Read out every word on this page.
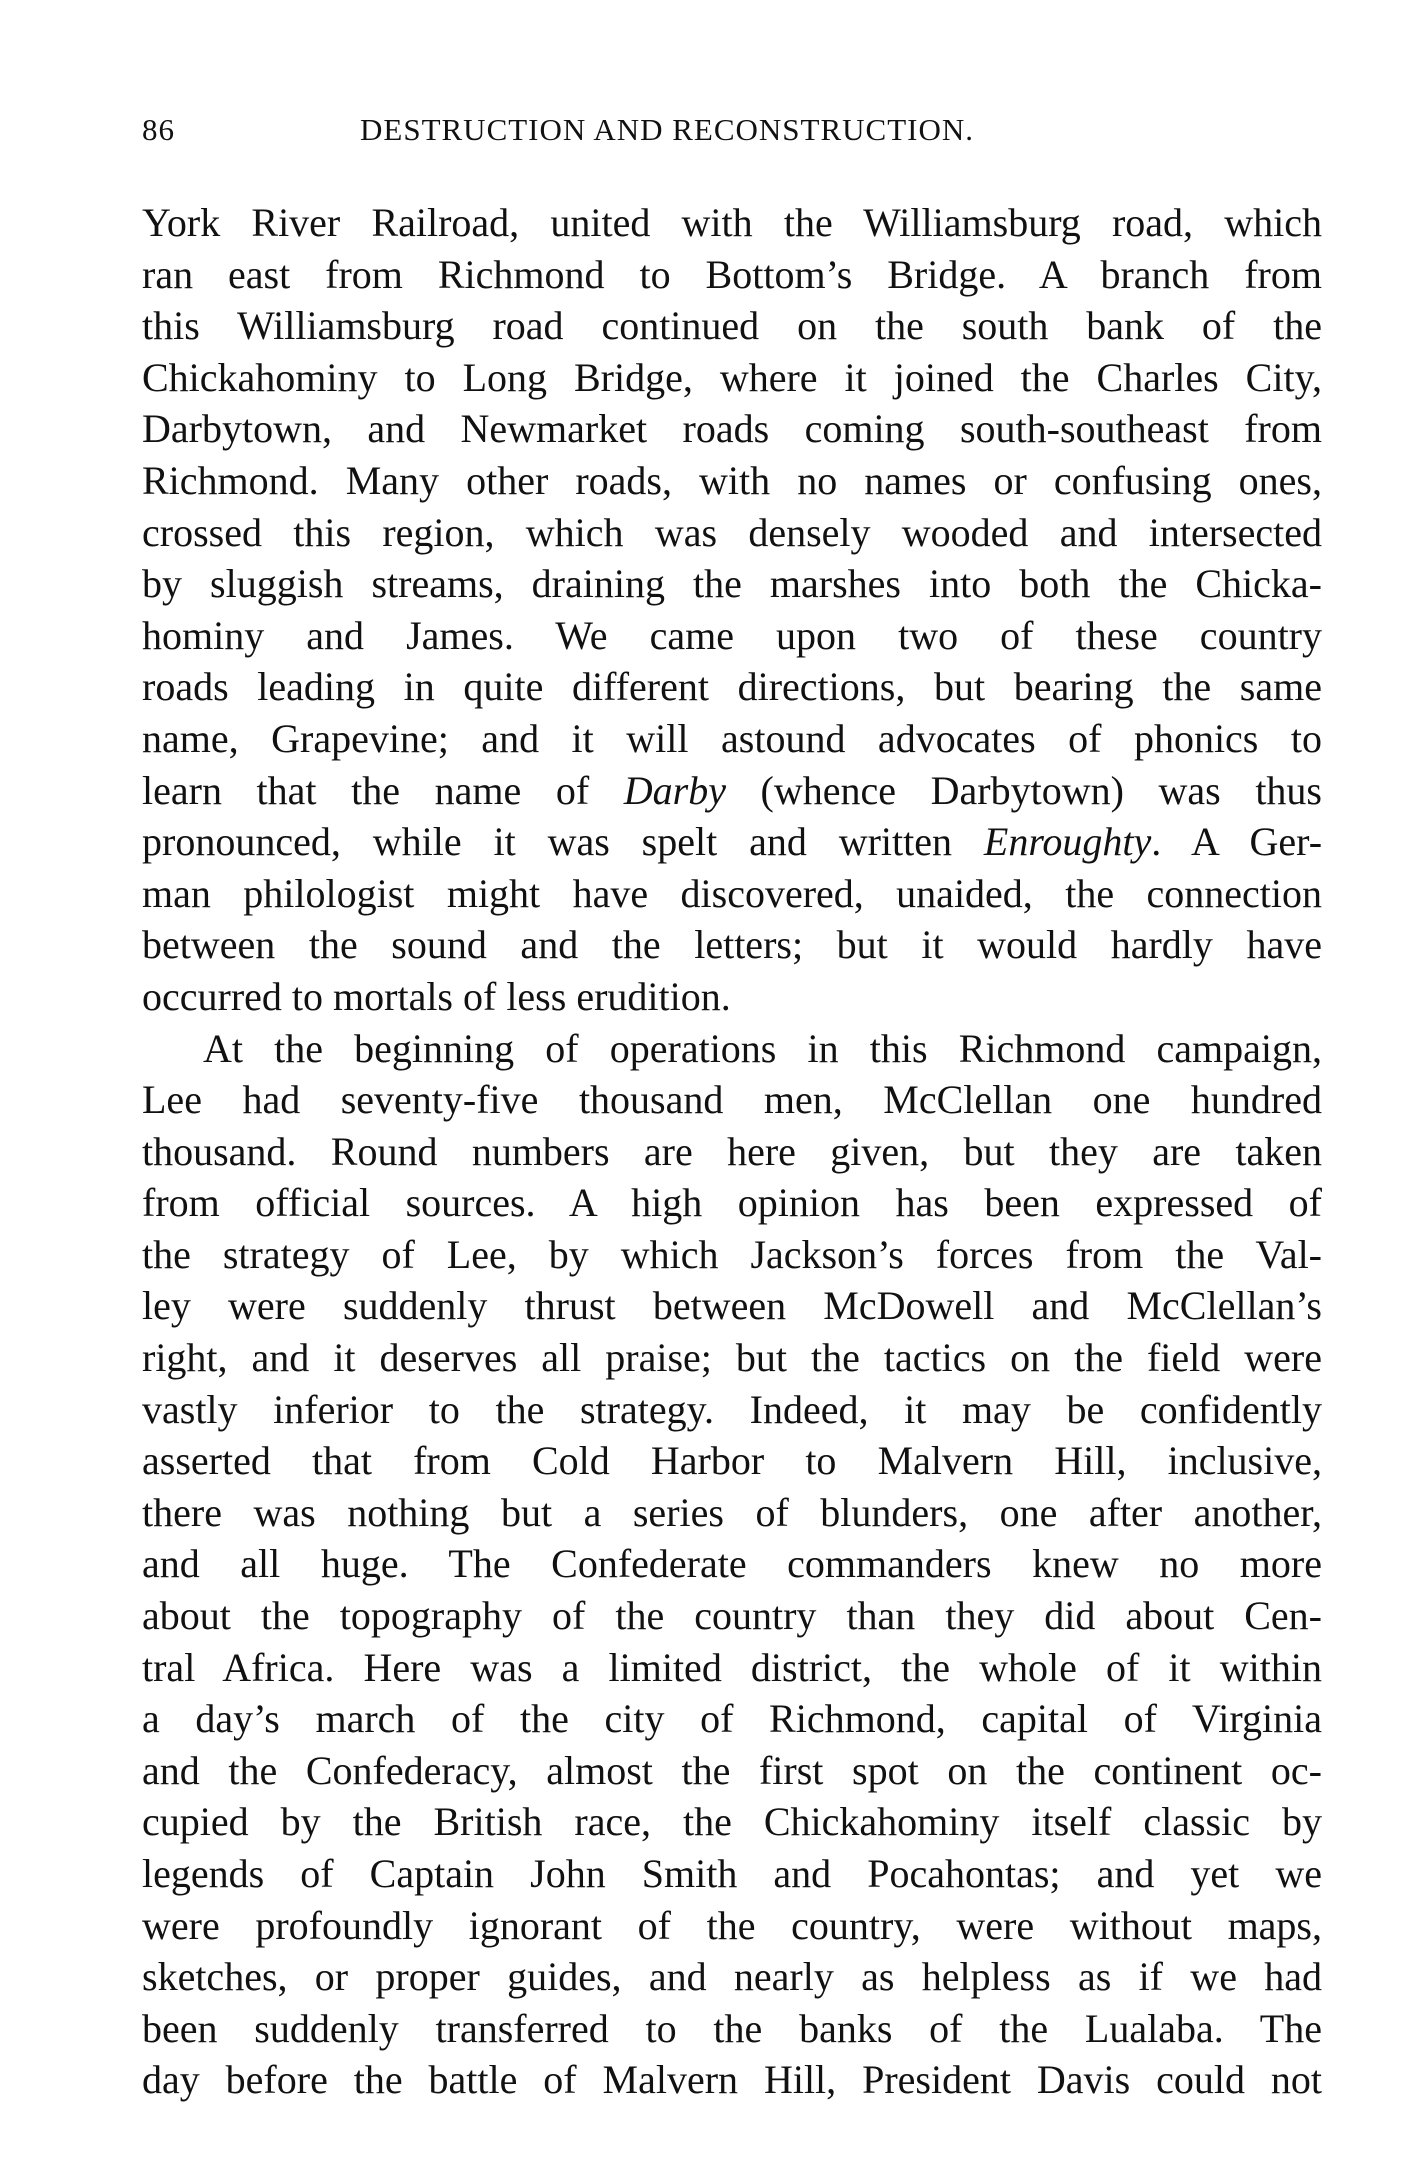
86	DESTRUCTION AND RECONSTRUCTION.
York River Railroad, united with the Williamsburg road, which
ran east from Richmond to Bottom’s Bridge. A branch from
this Williamsburg road continued on the south bank of the
Chickahominy to Long Bridge, where it joined the Charles City,
Darbytown, and Newmarket roads coming south-southeast from
Richmond. Many other roads, with no names or confusing ones,
crossed this region, which was densely wooded and intersected
by sluggish streams, draining the marshes into both the Chicka-
hominy and James. We came upon two of these country
roads leading in quite different directions, but bearing the same
name, Grapevine; and it will astound advocates of phonics to
learn that the name of Darby (whence Darbytown) was thus
pronounced, while it was spelt and written Enroughty. A Ger-
man philologist might have discovered, unaided, the connection
between the sound and the letters; but it would hardly have
occurred to mortals of less erudition.
At the beginning of operations in this Richmond campaign,
Lee had seventy-five thousand men, McClellan one hundred
thousand. Round numbers are here given, but they are taken
from official sources. A high opinion has been expressed of
the strategy of Lee, by which Jackson’s forces from the Val-
ley were suddenly thrust between McDowell and McClellan’s
right, and it deserves all praise; but the tactics on the field were
vastly inferior to the strategy. Indeed, it may be confidently
asserted that from Cold Harbor to Malvern Hill, inclusive,
there was nothing but a series of blunders, one after another,
and all huge. The Confederate commanders knew no more
about the topography of the country than they did about Cen-
tral Africa. Here was a limited district, the whole of it within
a day’s march of the city of Richmond, capital of Virginia
and the Confederacy, almost the first spot on the continent oc-
cupied by the British race, the Chickahominy itself classic by
legends of Captain John Smith and Pocahontas; and yet we
were profoundly ignorant of the country, were without maps,
sketches, or proper guides, and nearly as helpless as if we had
been suddenly transferred to the banks of the Lualaba. The
day before the battle of Malvern Hill, President Davis could not
